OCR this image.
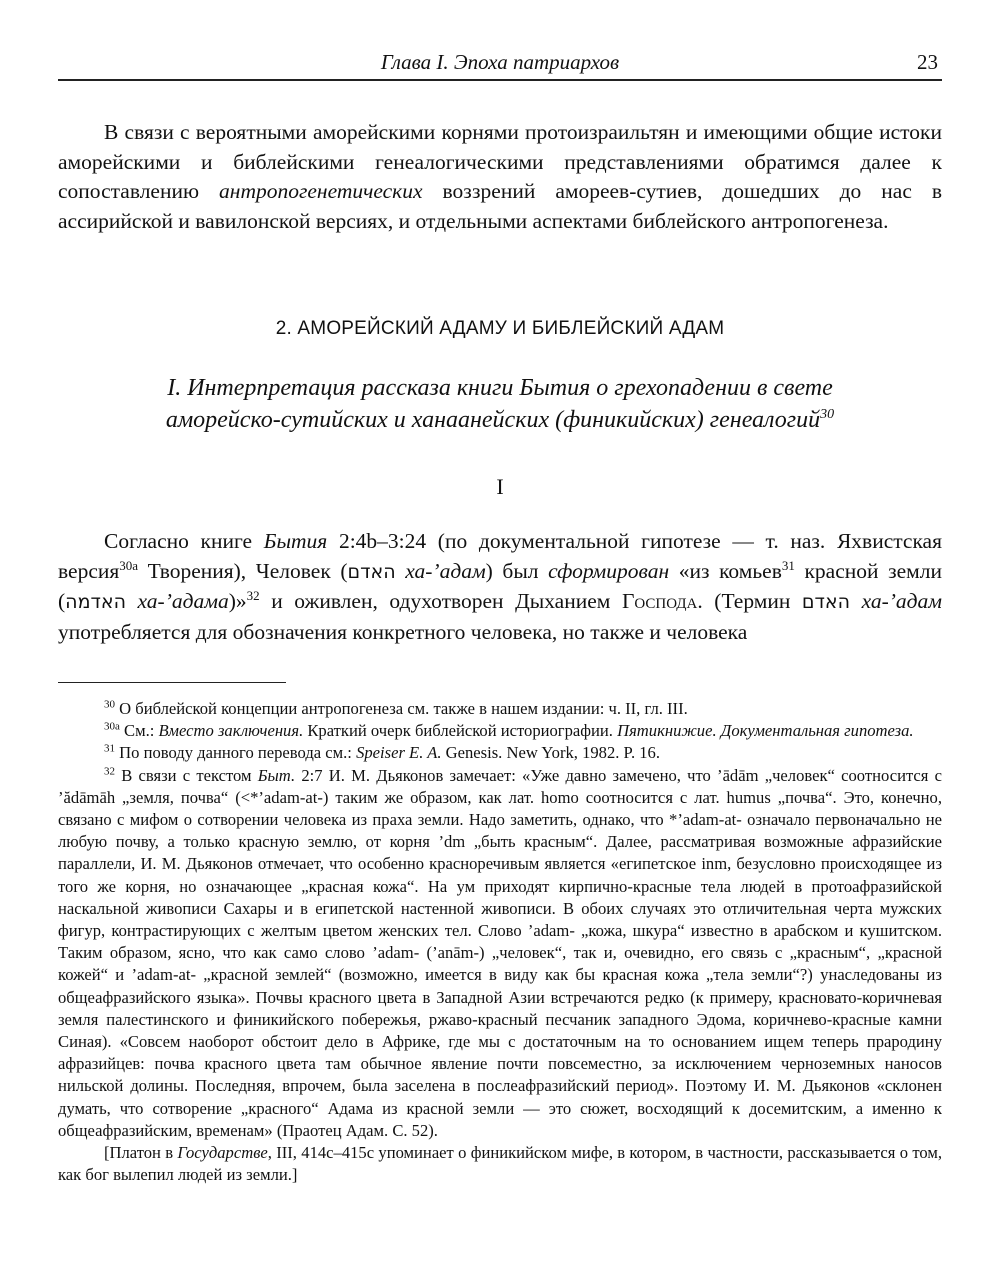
Глава I. Эпоха патриархов	23

В связи с вероятными аморейскими корнями протоизраильтян и имеющими общие истоки аморейскими и библейскими генеалогическими представлениями обратимся далее к сопоставлению антропогенетических воззрений амореев-сутиев, дошедших до нас в ассирийской и вавилонской версиях, и отдельными аспектами библейского антропогенеза.

2. АМОРЕЙСКИЙ АДАМУ И БИБЛЕЙСКИЙ АДАМ
I. Интерпретация рассказа книги Бытия о грехопадении в свете
аморейско-сутийских и ханаанейских (финикийских) генеалогий$^{30}$
I

Согласно книге Бытия 2:4b–3:24 (по документальной гипотезе — т. наз. Яхвистская версия$^{30a}$ Творения), Человек (האדם ха-’адам) был сформирован «из комьев$^{31}$ красной земли (האדמה ха-’адама)»$^{32}$ и оживлен, одухотворен Дыханием Господа. (Термин האדם ха-’адам употребляется для обозначения конкретного человека, но также и человека

$^{30}$ О библейской концепции антропогенеза см. также в нашем издании: ч. II, гл. III.

$^{30a}$ См.: Вместо заключения. Краткий очерк библейской историографии. Пятикнижие. Документальная гипотеза.

$^{31}$ По поводу данного перевода см.: Speiser E. A. Genesis. New York, 1982. P. 16.

$^{32}$ В связи с текстом Быт. 2:7 И. М. Дьяконов замечает: «Уже давно замечено, что ’ādām „человек“ соотносится с ’ădāmāh „земля, почва“ (<*’adam-at-) таким же образом, как лат. homo соотносится с лат. humus „почва“. Это, конечно, связано с мифом о сотворении человека из праха земли. Надо заметить, однако, что *’adam-at- означало первоначально не любую почву, а только красную землю, от корня ’dm „быть красным“. Далее, рассматривая возможные афразийские параллели, И. М. Дьяконов отмечает, что особенно красноречивым является «египетское inm, безусловно происходящее из того же корня, но означающее „красная кожа“. На ум приходят кирпично-красные тела людей в протоафразийской наскальной живописи Сахары и в египетской настенной живописи. В обоих случаях это отличительная черта мужских фигур, контрастирующих с желтым цветом женских тел. Слово ’adam- „кожа, шкура“ известно в арабском и кушитском. Таким образом, ясно, что как само слово ’adam- (’anām-) „человек“, так и, очевидно, его связь с „красным“, „красной кожей“ и ’adam-at- „красной землей“ (возможно, имеется в виду как бы красная кожа „тела земли“?) унаследованы из общеафразийского языка». Почвы красного цвета в Западной Азии встречаются редко (к примеру, красновато-коричневая земля палестинского и финикийского побережья, ржаво-красный песчаник западного Эдома, коричнево-красные камни Синая). «Совсем наоборот обстоит дело в Африке, где мы с достаточным на то основанием ищем теперь прародину афразийцев: почва красного цвета там обычное явление почти повсеместно, за исключением черноземных наносов нильской долины. Последняя, впрочем, была заселена в послеафразийский период». Поэтому И. М. Дьяконов «склонен думать, что сотворение „красного“ Адама из красной земли — это сюжет, восходящий к досемитским, а именно к общеафразийским, временам» (Праотец Адам. С. 52).

[Платон в Государстве, III, 414c–415c упоминает о финикийском мифе, в котором, в частности, рассказывается о том, как бог вылепил людей из земли.]
